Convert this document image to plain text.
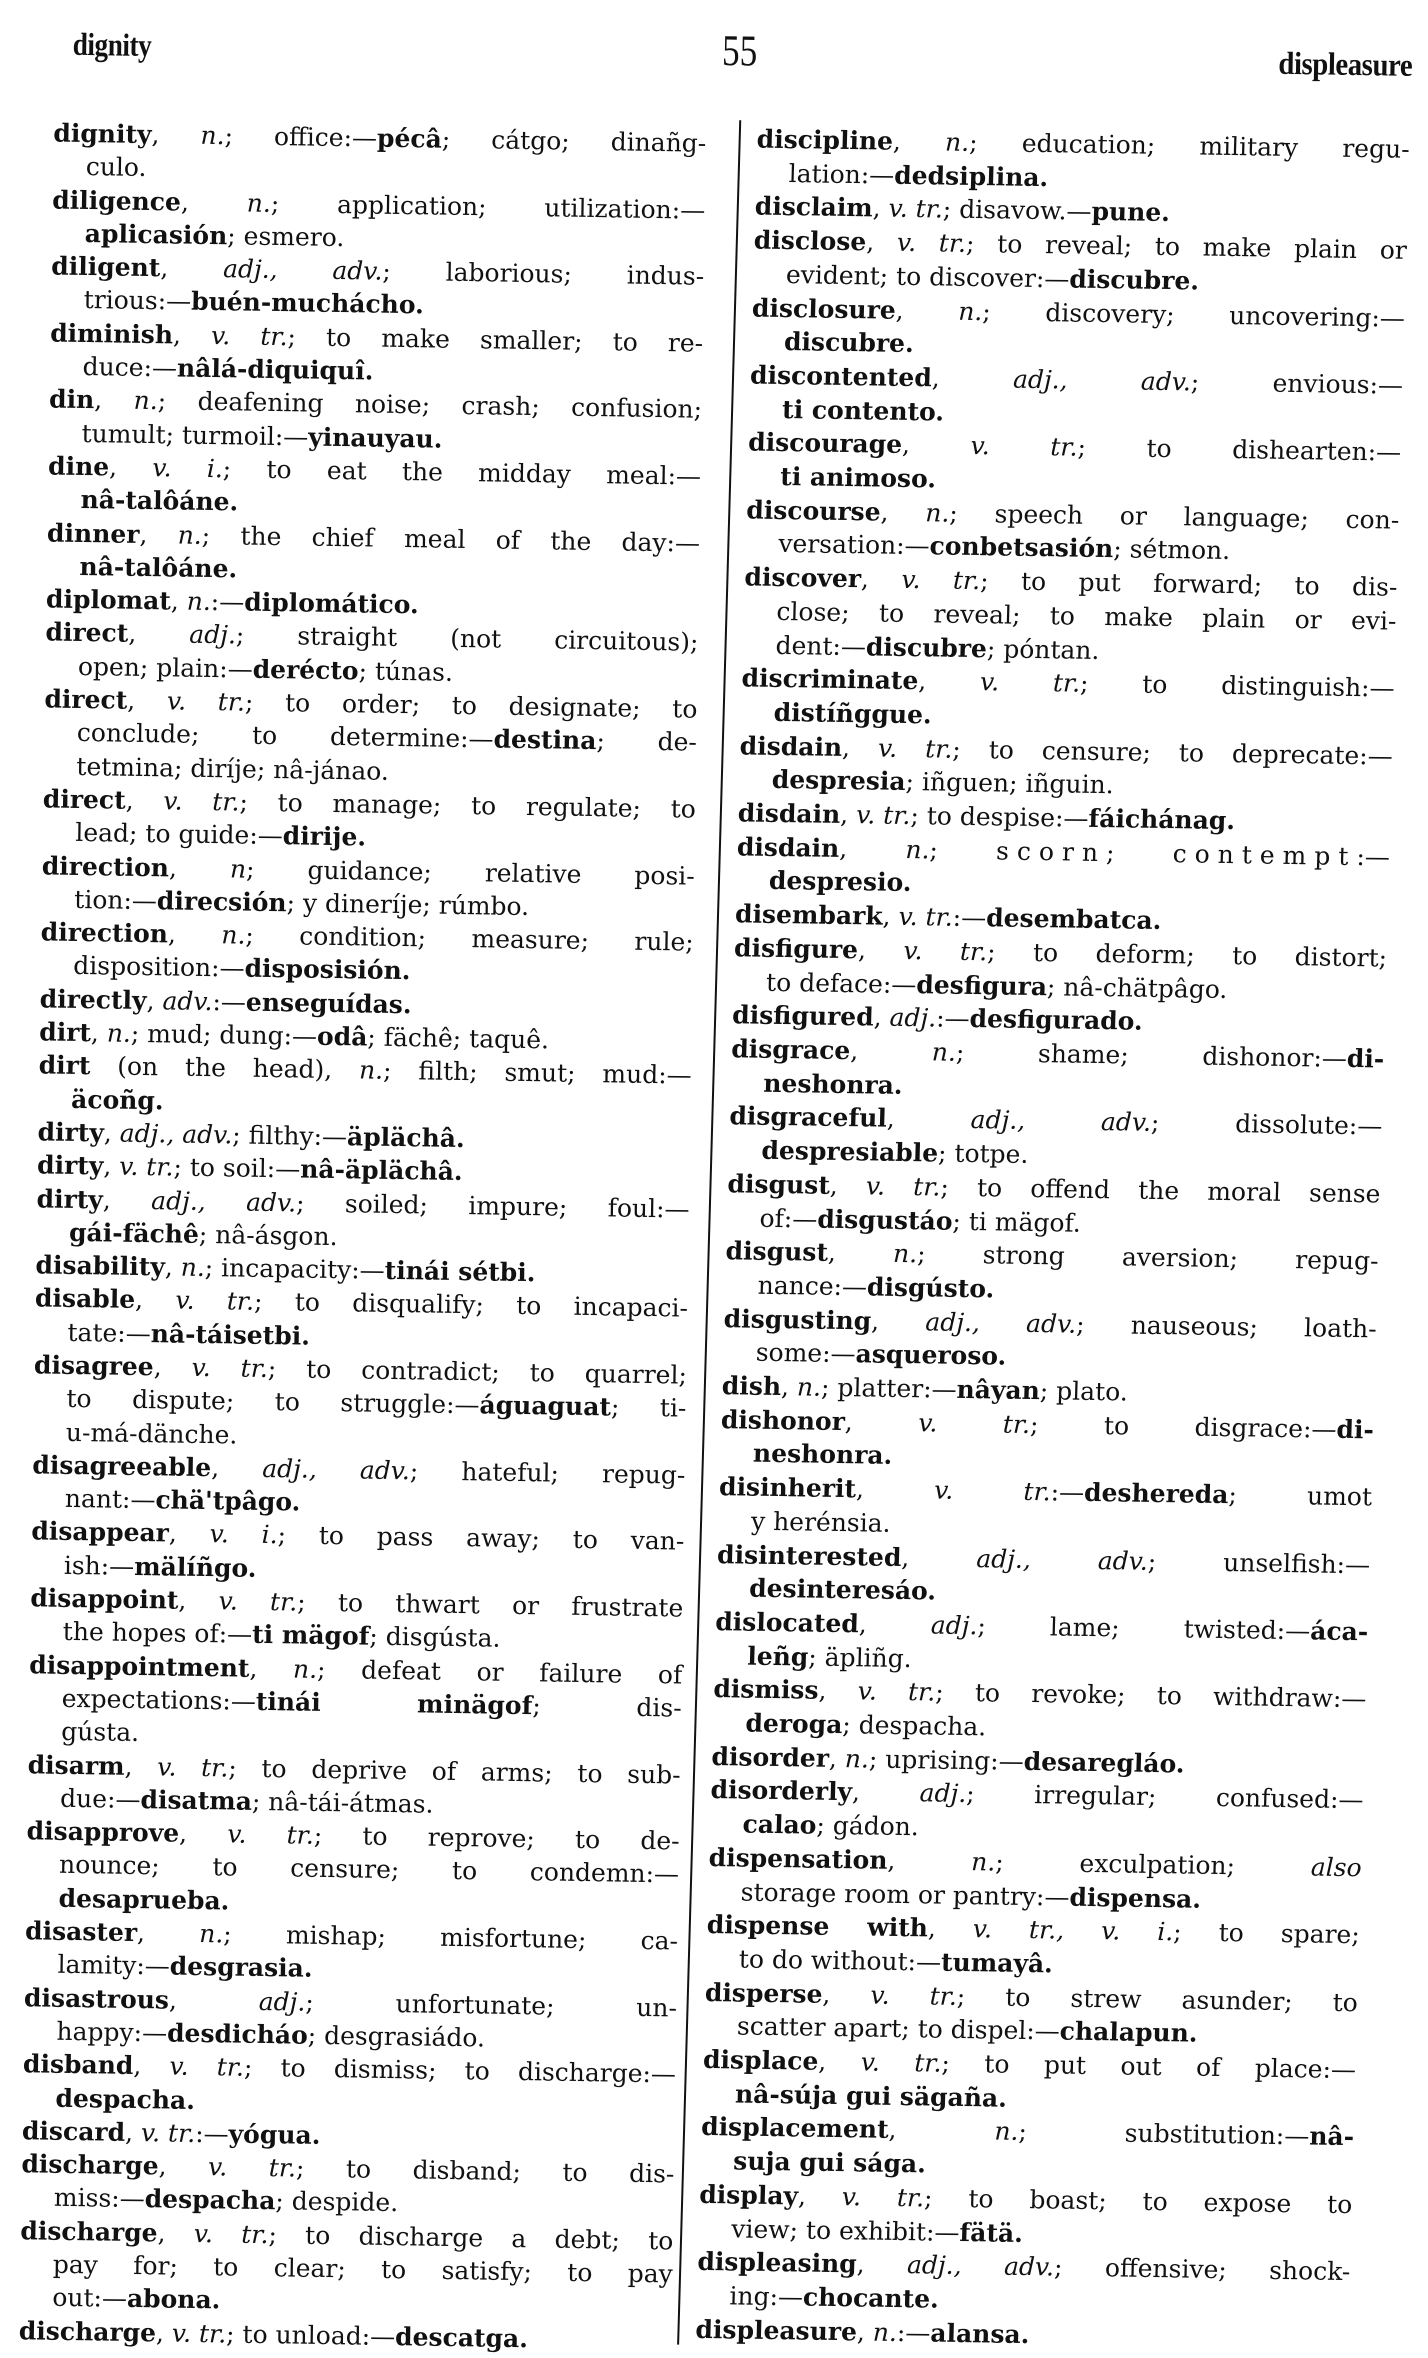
dignity	55	displeasure
dignity, n.; office:—pécâ; cátgo; dinañg-
culo.
diligence, n.; application; utilization:—
aplicasión; esmero.
diligent, adj., adv.; laborious; indus-
trious:—buén-muchácho.
diminish, v. tr.; to make smaller; to re-
duce:—nâlá-diquiquî.
din, n.; deafening noise; crash; confusion;
tumult; turmoil:—yinauyau.
dine, v. i.; to eat the midday meal:—
nâ-talôáne.
dinner, n.; the chief meal of the day:—
nâ-talôáne.
diplomat, n.:—diplomático.
direct, adj.; straight (not circuitous);
open; plain:—derécto; túnas.
direct, v. tr.; to order; to designate; to
conclude; to determine:—destina; de-
tetmina; diríje; nâ-jánao.
direct, v. tr.; to manage; to regulate; to
lead; to guide:—dirije.
direction, n; guidance; relative posi-
tion:—direcsión; y dineríje; rúmbo.
direction, n.; condition; measure; rule;
disposition:—disposisión.
directly, adv.:—enseguídas.
dirt, n.; mud; dung:—odâ; fächê; taquê.
dirt (on the head), n.; filth; smut; mud:—
äcoñg.
dirty, adj., adv.; filthy:—äplächâ.
dirty, v. tr.; to soil:—nâ-äplächâ.
dirty, adj., adv.; soiled; impure; foul:—
gái-fächê; nâ-ásgon.
disability, n.; incapacity:—tinái sétbi.
disable, v. tr.; to disqualify; to incapaci-
tate:—nâ-táisetbi.
disagree, v. tr.; to contradict; to quarrel;
to dispute; to struggle:—águaguat; ti-
u-má-dänche.
disagreeable, adj., adv.; hateful; repug-
nant:—chä'tpâgo.
disappear, v. i.; to pass away; to van-
ish:—mälíñgo.
disappoint, v. tr.; to thwart or frustrate
the hopes of:—ti mägof; disgústa.
disappointment, n.; defeat or failure of
expectations:—tinái minägof; dis-
gústa.
disarm, v. tr.; to deprive of arms; to sub-
due:—disatma; nâ-tái-átmas.
disapprove, v. tr.; to reprove; to de-
nounce; to censure; to condemn:—
desaprueba.
disaster, n.; mishap; misfortune; ca-
lamity:—desgrasia.
disastrous, adj.; unfortunate; un-
happy:—desdicháo; desgrasiádo.
disband, v. tr.; to dismiss; to discharge:—
despacha.
discard, v. tr.:—yógua.
discharge, v. tr.; to disband; to dis-
miss:—despacha; despide.
discharge, v. tr.; to discharge a debt; to
pay for; to clear; to satisfy; to pay
out:—abona.
discharge, v. tr.; to unload:—descatga.
discipline, n.; education; military regu-
lation:—dedsiplina.
disclaim, v. tr.; disavow.—pune.
disclose, v. tr.; to reveal; to make plain or
evident; to discover:—discubre.
disclosure, n.; discovery; uncovering:—
discubre.
discontented, adj., adv.; envious:—
ti contento.
discourage, v. tr.; to dishearten:—
ti animoso.
discourse, n.; speech or language; con-
versation:—conbetsasión; sétmon.
discover, v. tr.; to put forward; to dis-
close; to reveal; to make plain or evi-
dent:—discubre; póntan.
discriminate, v. tr.; to distinguish:—
distíñggue.
disdain, v. tr.; to censure; to deprecate:—
despresia; iñguen; iñguin.
disdain, v. tr.; to despise:—fáichánag.
disdain, n.; scorn; contempt:—
despresio.
disembark, v. tr.:—desembatca.
disfigure, v. tr.; to deform; to distort;
to deface:—desfigura; nâ-chätpâgo.
disfigured, adj.:—desfigurado.
disgrace, n.; shame; dishonor:—di-
neshonra.
disgraceful, adj., adv.; dissolute:—
despresiable; totpe.
disgust, v. tr.; to offend the moral sense
of:—disgustáo; ti mägof.
disgust, n.; strong aversion; repug-
nance:—disgústo.
disgusting, adj., adv.; nauseous; loath-
some:—asqueroso.
dish, n.; platter:—nâyan; plato.
dishonor, v. tr.; to disgrace:—di-
neshonra.
disinherit, v. tr.:—deshereda; umot
y herénsia.
disinterested, adj., adv.; unselfish:—
desinteresáo.
dislocated, adj.; lame; twisted:—áca-
leñg; äpliñg.
dismiss, v. tr.; to revoke; to withdraw:—
deroga; despacha.
disorder, n.; uprising:—desaregláo.
disorderly, adj.; irregular; confused:—
calao; gádon.
dispensation, n.; exculpation; also
storage room or pantry:—dispensa.
dispense with, v. tr., v. i.; to spare;
to do without:—tumayâ.
disperse, v. tr.; to strew asunder; to
scatter apart; to dispel:—chalapun.
displace, v. tr.; to put out of place:—
nâ-súja gui sägaña.
displacement, n.; substitution:—nâ-
suja gui sága.
display, v. tr.; to boast; to expose to
view; to exhibit:—fätä.
displeasing, adj., adv.; offensive; shock-
ing:—chocante.
displeasure, n.:—alansa.
